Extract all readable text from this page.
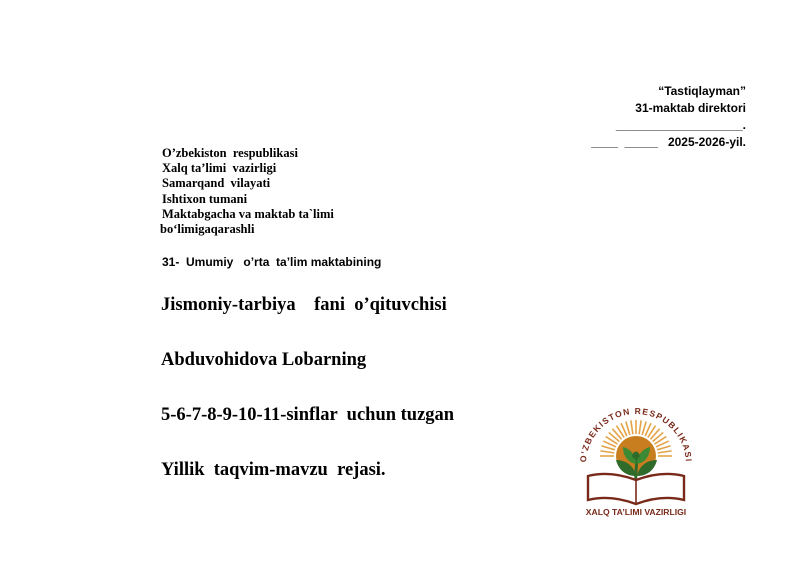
“Tastiqlayman”
31-maktab direktori
___________________.
____  _____   2025-2026-yil.
O’zbekiston  respublikasi
Xalq ta’limi  vazirligi
Samarqand  vilayati
Ishtixon tumani
Maktabgacha va maktab ta`limi
bo‘limigaqarashli
31-  Umumiy   o’rta  ta’lim maktabining
Jismoniy-tarbiya    fani  o’qituvchisi
Abduvohidova Lobarning
5-6-7-8-9-10-11-sinflar  uchun tuzgan
Yillik  taqvim-mavzu  rejasi.
O’ZBEKISTON RESPUBLIKASI
XALQ TA’LIMI VAZIRLIGI
